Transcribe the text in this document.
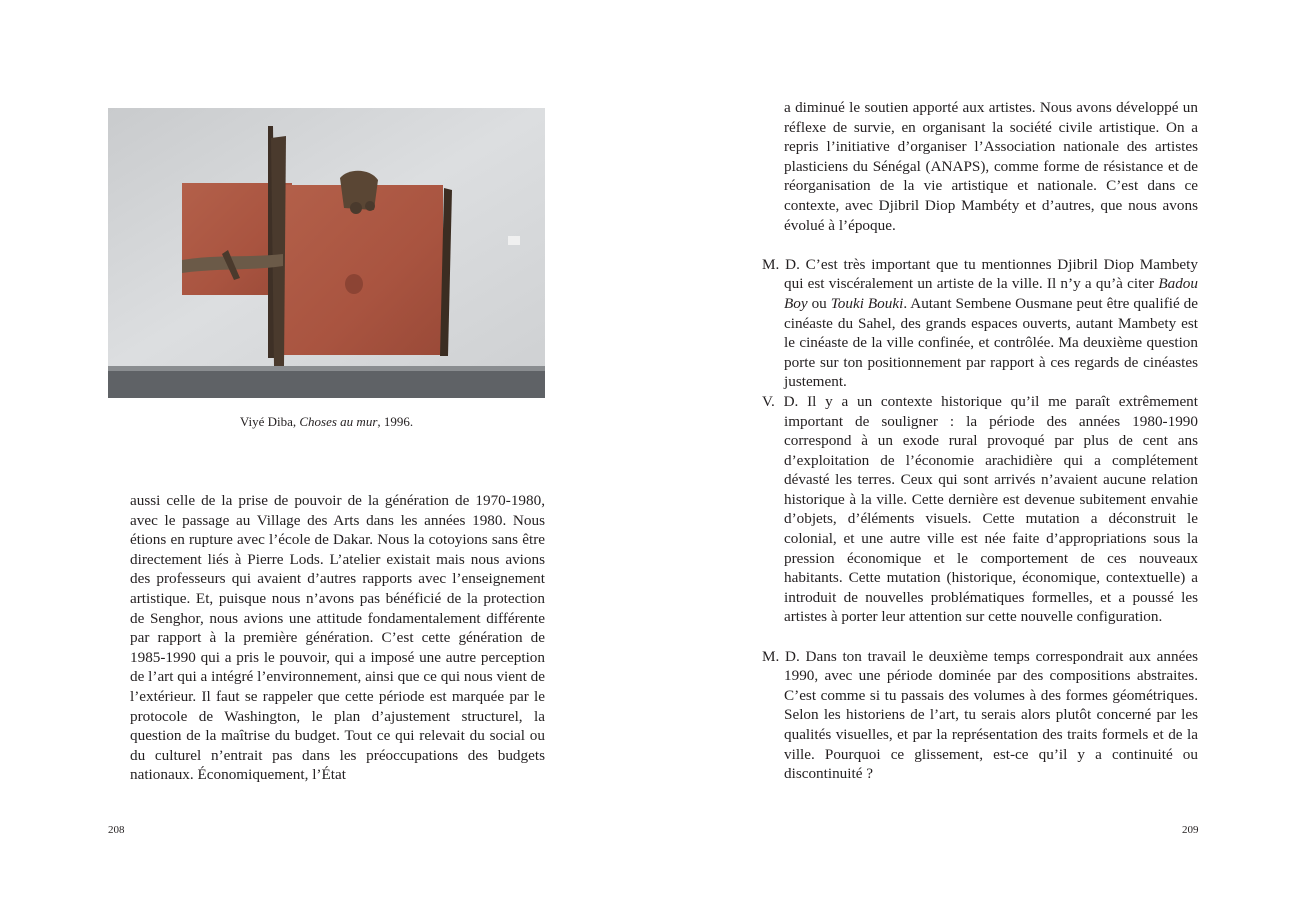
Viyé Diba, Choses au mur, 1996.
aussi celle de la prise de pouvoir de la génération de 1970-1980, avec le passage au Village des Arts dans les années 1980. Nous étions en rupture avec l’école de Dakar. Nous la cotoyions sans être directement liés à Pierre Lods. L’atelier existait mais nous avions des professeurs qui avaient d’autres rapports avec l’enseignement artistique. Et, puisque nous n’avons pas bénéficié de la protection de Senghor, nous avions une attitude fondamentalement différente par rapport à la première génération. C’est cette génération de 1985-1990 qui a pris le pouvoir, qui a imposé une autre perception de l’art qui a intégré l’environnement, ainsi que ce qui nous vient de l’extérieur. Il faut se rappeler que cette période est marquée par le protocole de Washington, le plan d’ajustement structurel, la question de la maîtrise du budget. Tout ce qui relevait du social ou du culturel n’entrait pas dans les préoccupations des budgets nationaux. Économiquement, l’État
208
a diminué le soutien apporté aux artistes. Nous avons développé un réflexe de survie, en organisant la société civile artistique. On a repris l’initiative d’organiser l’Association nationale des artistes plasticiens du Sénégal (ANAPS), comme forme de résistance et de réorganisation de la vie artistique et nationale. C’est dans ce contexte, avec Djibril Diop Mambéty et d’autres, que nous avons évolué à l’époque.
M. D. C’est très important que tu mentionnes Djibril Diop Mambety qui est viscéralement un artiste de la ville. Il n’y a qu’à citer Badou Boy ou Touki Bouki. Autant Sembene Ousmane peut être qualifié de cinéaste du Sahel, des grands espaces ouverts, autant Mambety est le cinéaste de la ville confinée, et contrôlée. Ma deuxième question porte sur ton positionnement par rapport à ces regards de cinéastes justement.
V. D. Il y a un contexte historique qu’il me paraît extrêmement important de souligner : la période des années 1980-1990 correspond à un exode rural provoqué par plus de cent ans d’exploitation de l’économie arachidière qui a complétement dévasté les terres. Ceux qui sont arrivés n’avaient aucune relation historique à la ville. Cette dernière est devenue subitement envahie d’objets, d’éléments visuels. Cette mutation a déconstruit le colonial, et une autre ville est née faite d’appropriations sous la pression économique et le comportement de ces nouveaux habitants. Cette mutation (historique, économique, contextuelle) a introduit de nouvelles problématiques formelles, et a poussé les artistes à porter leur attention sur cette nouvelle configuration.
M. D. Dans ton travail le deuxième temps correspondrait aux années 1990, avec une période dominée par des compositions abstraites. C’est comme si tu passais des volumes à des formes géométriques. Selon les historiens de l’art, tu serais alors plutôt concerné par les qualités visuelles, et par la représentation des traits formels et de la ville. Pourquoi ce glissement, est-ce qu’il y a continuité ou discontinuité ?
209
